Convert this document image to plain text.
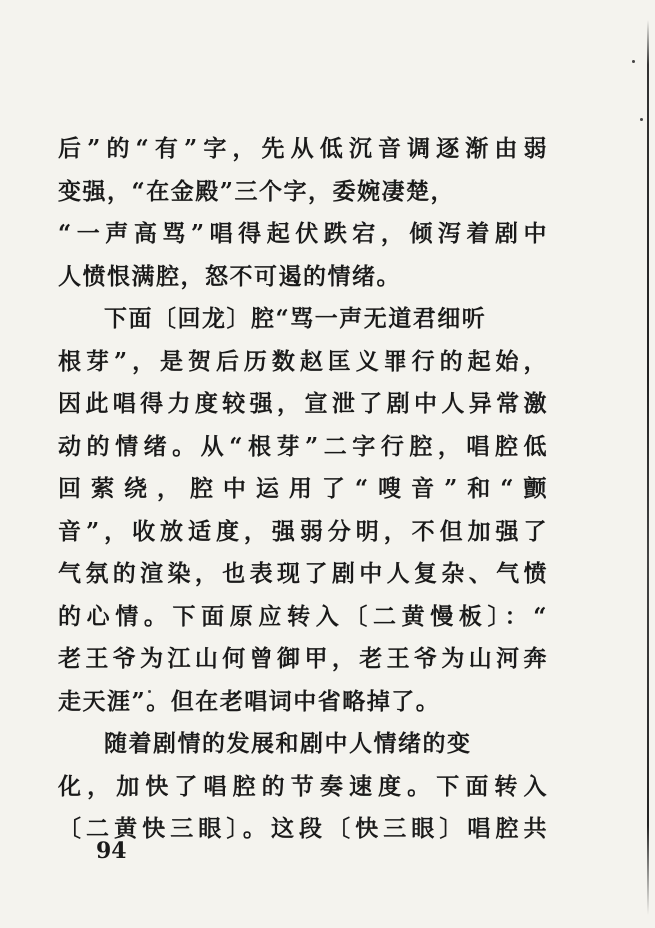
后”的“有”字，先从低沉音调逐渐由弱
变强，“在金殿”三个字，委婉凄楚，
“一声高骂”唱得起伏跌宕，倾泻着剧中
人愤恨满腔，怒不可遏的情绪。
下面〔回龙〕腔“骂一声无道君细听
根芽”，是贺后历数赵匡义罪行的起始，
因此唱得力度较强，宣泄了剧中人异常激
动的情绪。从“根芽”二字行腔，唱腔低
回萦绕，腔中运用了“嗖音”和“颤
音”，收放适度，强弱分明，不但加强了
气氛的渲染，也表现了剧中人复杂、气愤
的心情。下面原应转入〔二黄慢板〕：“
老王爷为江山何曾御甲，老王爷为山河奔
走天涯”。但在老唱词中省略掉了。
随着剧情的发展和剧中人情绪的变
化，加快了唱腔的节奏速度。下面转入
〔二黄快三眼〕。这段〔快三眼〕唱腔共
94
